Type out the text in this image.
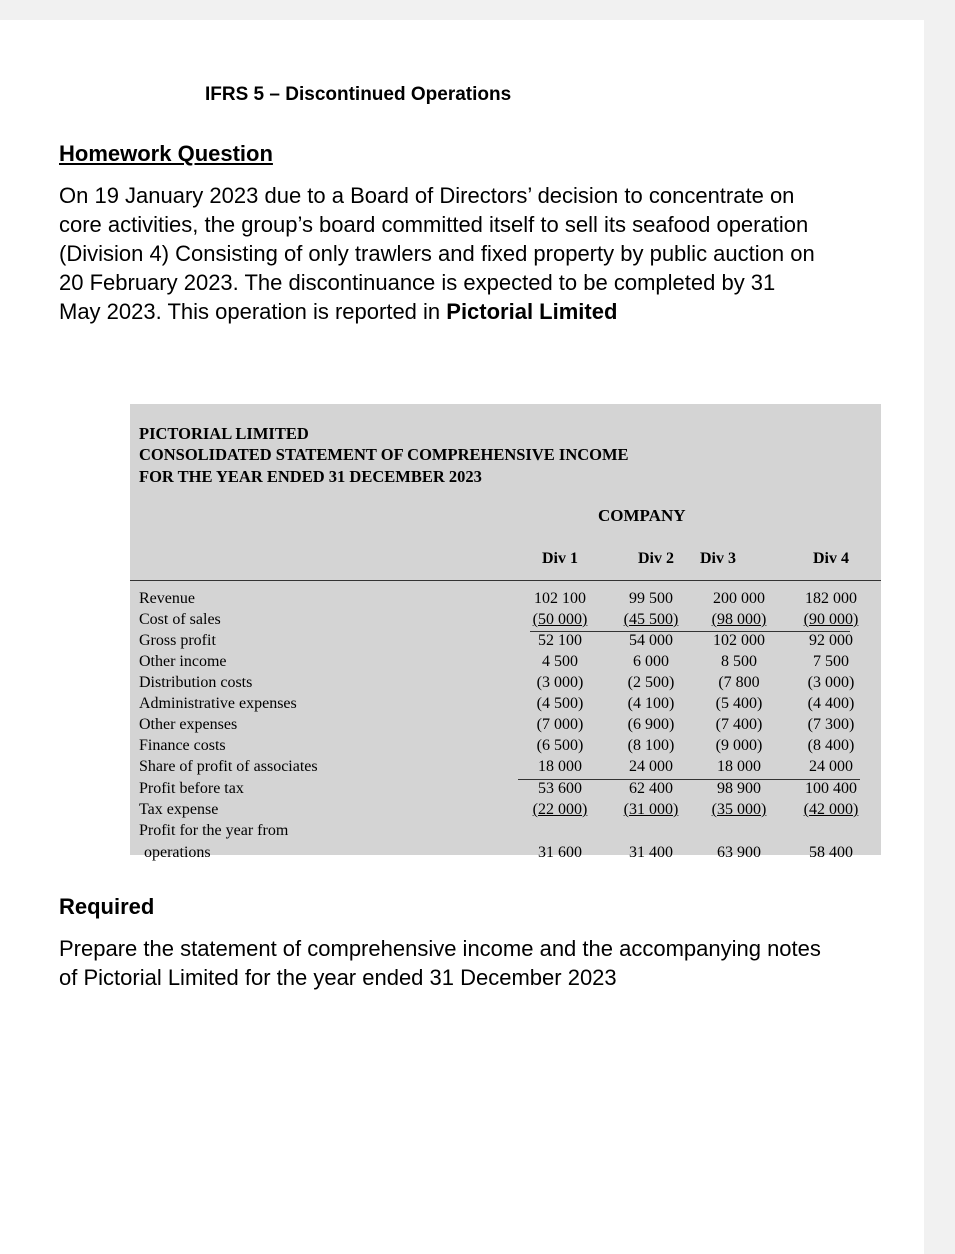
IFRS 5 – Discontinued Operations
Homework Question
On 19 January 2023 due to a Board of Directors’ decision to concentrate on core activities, the group’s board committed itself to sell its seafood operation (Division 4) Consisting of only trawlers and fixed property by public auction on 20 February 2023. The discontinuance is expected to be completed by 31 May 2023. This operation is reported in Pictorial Limited
PICTORIAL LIMITED
CONSOLIDATED STATEMENT OF COMPREHENSIVE INCOME
FOR THE YEAR ENDED 31 DECEMBER 2023
COMPANY
Div 1	Div 2	Div 3	Div 4
Revenue	102 100	99 500	200 000	182 000
Cost of sales	(50 000)	(45 500)	(98 000)	(90 000)
Gross profit	52 100	54 000	102 000	92 000
Other income	4 500	6 000	8 500	7 500
Distribution costs	(3 000)	(2 500)	(7 800	(3 000)
Administrative expenses	(4 500)	(4 100)	(5 400)	(4 400)
Other expenses	(7 000)	(6 900)	(7 400)	(7 300)
Finance costs	(6 500)	(8 100)	(9 000)	(8 400)
Share of profit of associates	18 000	24 000	18 000	24 000
Profit before tax	53 600	62 400	98 900	100 400
Tax expense	(22 000)	(31 000)	(35 000)	(42 000)
Profit for the year from
operations	31 600	31 400	63 900	58 400
Required
Prepare the statement of comprehensive income and the accompanying notes of Pictorial Limited for the year ended 31 December 2023
